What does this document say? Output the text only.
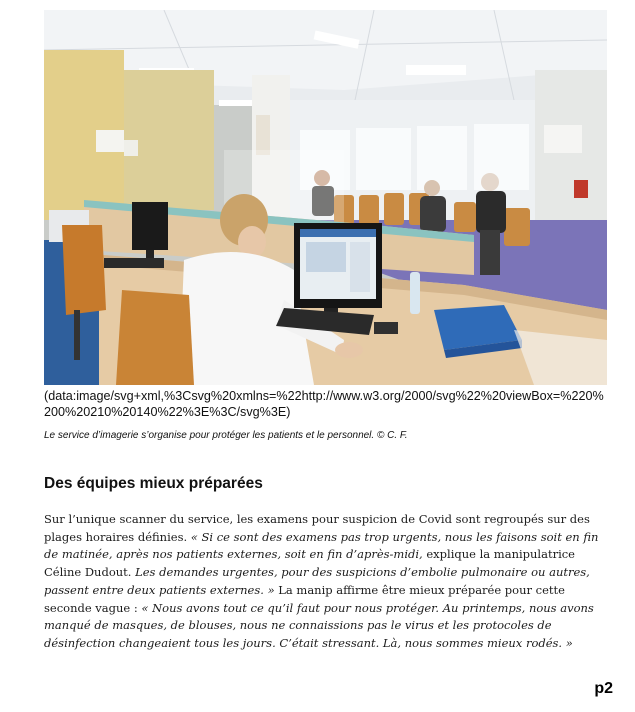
(data:image/svg+xml,%3Csvg%20xmlns=%22http://www.w3.org/2000/svg%22%20viewBox=%220%200%20210%20140%22%3E%3C/svg%3E)
Le service d’imagerie s’organise pour protéger les patients et le personnel. © C. F.
Des équipes mieux préparées

Sur l’unique scanner du service, les examens pour suspicion de Covid sont regroupés sur des plages horaires définies. « Si ce sont des examens pas trop urgents, nous les faisons soit en fin de matinée, après nos patients externes, soit en fin d’après-midi, explique la manipulatrice Céline Dudout. Les demandes urgentes, pour des suspicions d’embolie pulmonaire ou autres, passent entre deux patients externes. » La manip affirme être mieux préparée pour cette seconde vague : « Nous avons tout ce qu’il faut pour nous protéger. Au printemps, nous avons manqué de masques, de blouses, nous ne connaissions pas le virus et les protocoles de désinfection changeaient tous les jours. C’était stressant. Là, nous sommes mieux rodés. »

p2
